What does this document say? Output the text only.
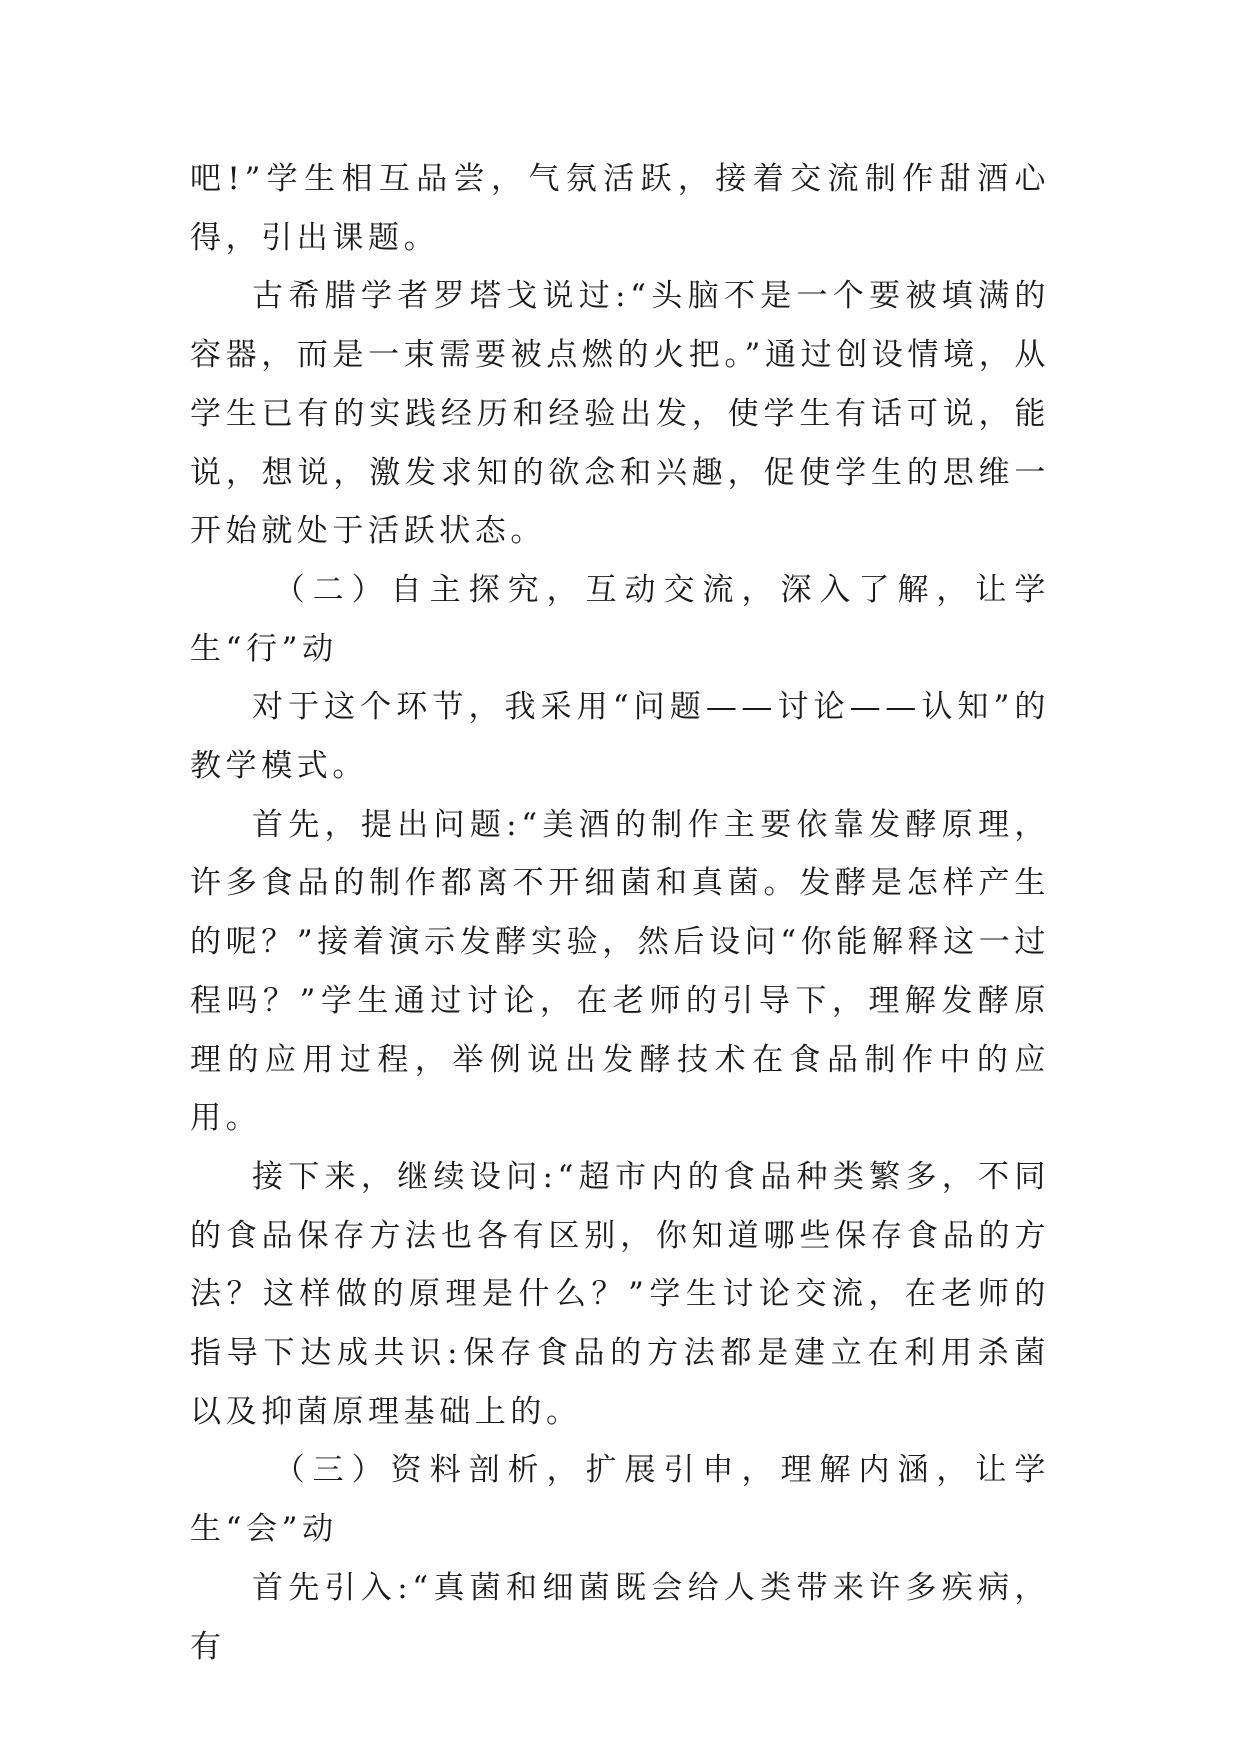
吧!”学生相互品尝，气氛活跃，接着交流制作甜酒心得，引出课题。

古希腊学者罗塔戈说过:“头脑不是一个要被填满的容器，而是一束需要被点燃的火把。”通过创设情境，从学生已有的实践经历和经验出发，使学生有话可说，能说，想说，激发求知的欲念和兴趣，促使学生的思维一开始就处于活跃状态。

（二）自主探究，互动交流，深入了解，让学生“行”动

对于这个环节，我采用“问题——讨论——认知”的教学模式。

首先，提出问题:“美酒的制作主要依靠发酵原理，许多食品的制作都离不开细菌和真菌。发酵是怎样产生的呢？”接着演示发酵实验，然后设问“你能解释这一过程吗？”学生通过讨论，在老师的引导下，理解发酵原理的应用过程，举例说出发酵技术在食品制作中的应用。

接下来，继续设问:“超市内的食品种类繁多，不同的食品保存方法也各有区别，你知道哪些保存食品的方法？这样做的原理是什么？”学生讨论交流，在老师的指导下达成共识:保存食品的方法都是建立在利用杀菌以及抑菌原理基础上的。

（三）资料剖析，扩展引申，理解内涵，让学生“会”动

首先引入:“真菌和细菌既会给人类带来许多疾病，有
